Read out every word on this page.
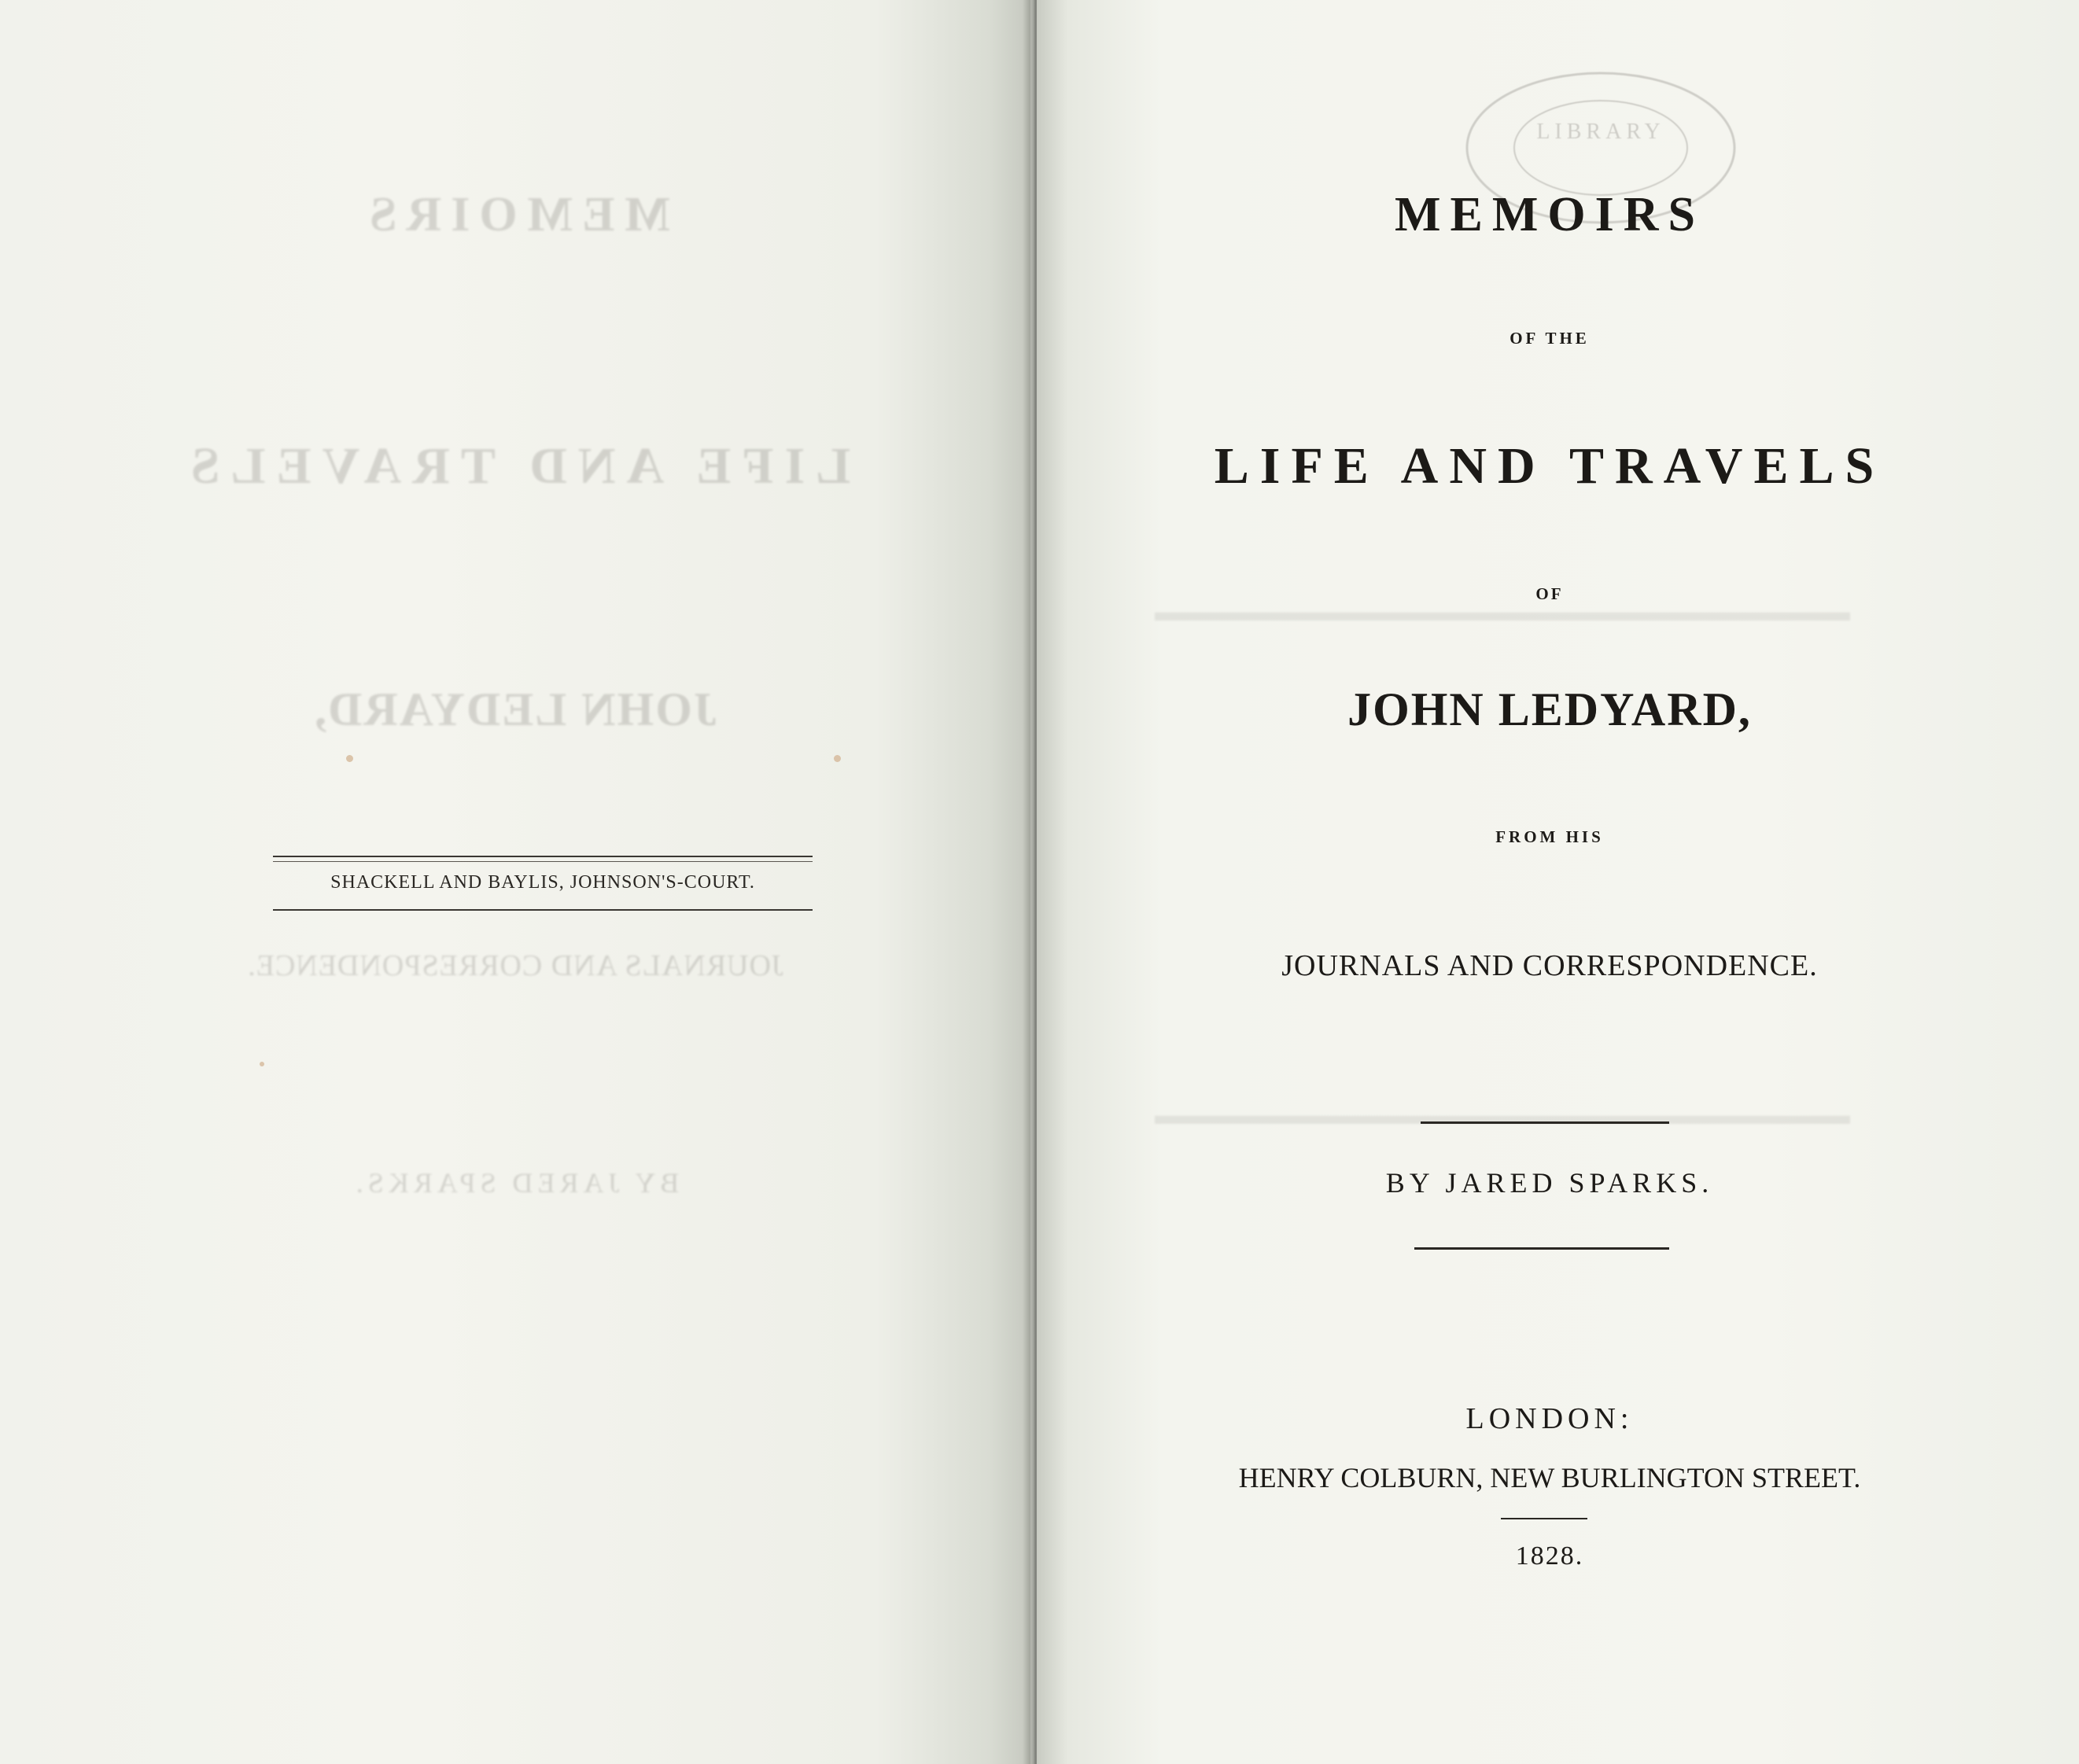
MEMOIRS
LIFE AND TRAVELS
JOHN LEDYARD,
JOURNALS AND CORRESPONDENCE.
BY JARED SPARKS.
SHACKELL AND BAYLIS, JOHNSON'S-COURT.
LIBRARY
▬▬▬▬▬▬▬▬▬▬▬▬▬▬▬▬▬▬▬▬▬▬▬▬▬▬
▬▬▬▬▬▬▬▬▬▬▬▬▬▬▬▬▬▬▬▬▬▬▬▬▬▬
MEMOIRS
OF THE
LIFE AND TRAVELS
OF
JOHN LEDYARD,
FROM HIS
JOURNALS AND CORRESPONDENCE.
BY JARED SPARKS.
LONDON:
HENRY COLBURN, NEW BURLINGTON STREET.
1828.
